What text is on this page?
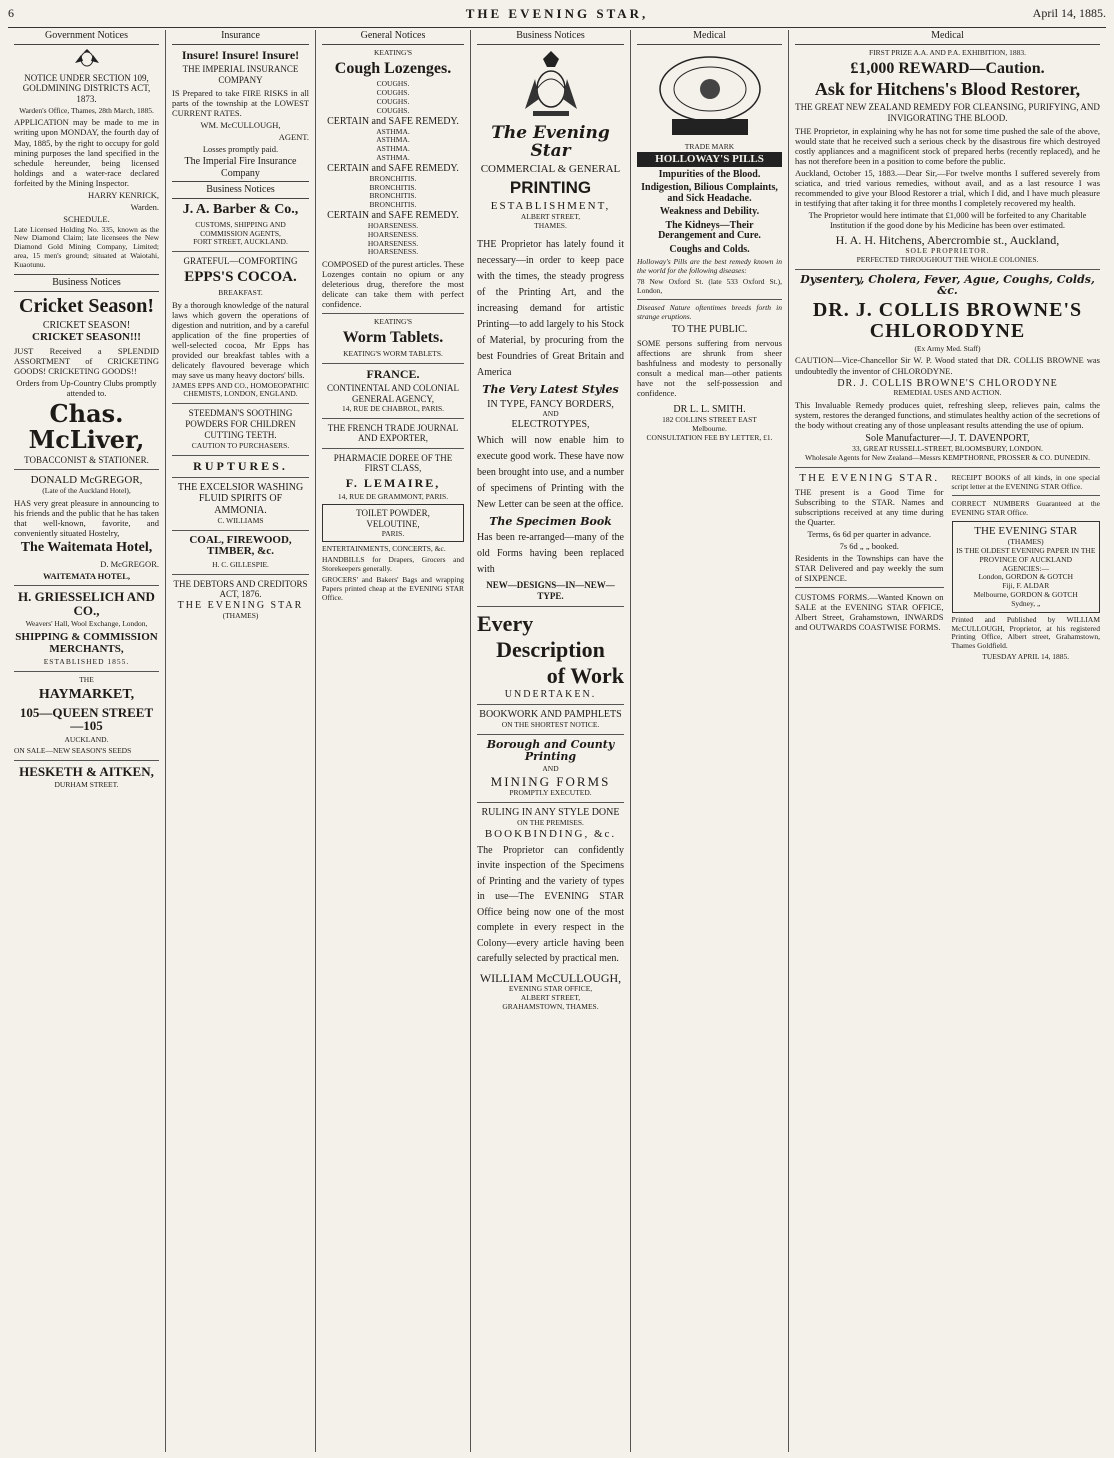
6	THE EVENING STAR,	April 14, 1885.
Government Notices

NOTICE UNDER SECTION 109, GOLDMINING DISTRICTS ACT, 1873.

Warden's Office, Thames, 28th March, 1885.

APPLICATION may be made to me in writing upon MONDAY, the fourth day of May, 1885, by the right to occupy for gold mining purposes the land specified in the schedule hereunder, being licensed holdings and a water-race declared forfeited by the Mining Inspector.

HARRY KENRICK,

Warden.

SCHEDULE.

Late Licensed Holding No. 335, known as the New Diamond Claim; late licensees the New Diamond Gold Mining Company, Limited; area, 15 men's ground; situated at Waiotahi, Kuaotunu.

Business Notices
Cricket Season!
CRICKET SEASON!
CRICKET SEASON!!!

JUST Received a SPLENDID ASSORTMENT of CRICKETING GOODS! CRICKETING GOODS!!

Orders from Up-Country Clubs promptly attended to.

Chas. McLiver,
TOBACCONIST & STATIONER.
DONALD McGREGOR,
(Late of the Auckland Hotel),

HAS very great pleasure in announcing to his friends and the public that he has taken that well-known, favorite, and conveniently situated Hostelry,

The Waitemata Hotel,

D. McGREGOR.

WAITEMATA HOTEL,

H. GRIESSELICH AND CO.,
Weavers' Hall, Wool Exchange, London,
SHIPPING & COMMISSION MERCHANTS,
ESTABLISHED 1855.
THE
HAYMARKET,
105—QUEEN STREET—105
AUCKLAND.

ON SALE—NEW SEASON'S SEEDS

HESKETH & AITKEN,
DURHAM STREET.
Insurance
Insure! Insure! Insure!
THE IMPERIAL INSURANCE COMPANY

IS Prepared to take FIRE RISKS in all parts of the township at the LOWEST CURRENT RATES.

WM. McCULLOUGH,

AGENT.

Losses promptly paid.

The Imperial Fire Insurance Company

Business Notices
J. A. Barber & Co.,
CUSTOMS, SHIPPING AND COMMISSION AGENTS,
FORT STREET, AUCKLAND.
GRATEFUL—COMFORTING
EPPS'S COCOA.
BREAKFAST.

By a thorough knowledge of the natural laws which govern the operations of digestion and nutrition, and by a careful application of the fine properties of well-selected cocoa, Mr Epps has provided our breakfast tables with a delicately flavoured beverage which may save us many heavy doctors' bills.

JAMES EPPS AND CO., HOMOEOPATHIC CHEMISTS, LONDON, ENGLAND.

STEEDMAN'S SOOTHING POWDERS FOR CHILDREN CUTTING TEETH.

CAUTION TO PURCHASERS.

RUPTURES.
THE EXCELSIOR WASHING FLUID SPIRITS OF AMMONIA.
C. WILLIAMS
COAL, FIREWOOD, TIMBER, &c.

H. C. GILLESPIE.

THE DEBTORS AND CREDITORS ACT, 1876.
THE EVENING STAR
(THAMES)
General Notices
KEATING'S
Cough Lozenges.
COUGHS.
COUGHS.
COUGHS.
COUGHS.
CERTAIN and SAFE REMEDY.
ASTHMA.
ASTHMA.
ASTHMA.
ASTHMA.
CERTAIN and SAFE REMEDY.
BRONCHITIS.
BRONCHITIS.
BRONCHITIS.
BRONCHITIS.
CERTAIN and SAFE REMEDY.
HOARSENESS.
HOARSENESS.
HOARSENESS.
HOARSENESS.

COMPOSED of the purest articles. These Lozenges contain no opium or any deleterious drug, therefore the most delicate can take them with perfect confidence.

KEATING'S
Worm Tablets.
KEATING'S WORM TABLETS.
FRANCE.
CONTINENTAL AND COLONIAL GENERAL AGENCY,
14, RUE DE CHABROL, PARIS.
THE FRENCH TRADE JOURNAL AND EXPORTER,
PHARMACIE DOREE OF THE FIRST CLASS,
F. LEMAIRE,
14, RUE DE GRAMMONT, PARIS.
TOILET POWDER,
VELOUTINE,
PARIS.

ENTERTAINMENTS, CONCERTS, &c.

HANDBILLS for Drapers, Grocers and Storekeepers generally.

GROCERS' and Bakers' Bags and wrapping Papers printed cheap at the EVENING STAR Office.

Business Notices
The Evening Star
COMMERCIAL & GENERAL
PRINTING
ESTABLISHMENT,
ALBERT STREET,
THAMES.

THE Proprietor has lately found it necessary—in order to keep pace with the times, the steady progress of the Printing Art, and the increasing demand for artistic Printing—to add largely to his Stock of Material, by procuring from the best Foundries of Great Britain and America

The Very Latest Styles
IN TYPE, FANCY BORDERS,
AND
ELECTROTYPES,

Which will now enable him to execute good work. These have now been brought into use, and a number of specimens of Printing with the New Letter can be seen at the office.

The Specimen Book

Has been re-arranged—many of the old Forms having been replaced with

NEW—DESIGNS—IN—NEW—TYPE.
Every
Description
of Work
UNDERTAKEN.
BOOKWORK AND PAMPHLETS
ON THE SHORTEST NOTICE.
Borough and County Printing
AND
MINING FORMS
PROMPTLY EXECUTED.
RULING IN ANY STYLE DONE
ON THE PREMISES.
BOOKBINDING, &c.

The Proprietor can confidently invite inspection of the Specimens of Printing and the variety of types in use—The EVENING STAR Office being now one of the most complete in every respect in the Colony—every article having been carefully selected by practical men.

WILLIAM McCULLOUGH,
EVENING STAR OFFICE,
ALBERT STREET,
GRAHAMSTOWN, THAMES.
Medical
TRADE MARK
HOLLOWAY'S PILLS
Impurities of the Blood.
Indigestion, Bilious Complaints, and Sick Headache.
Weakness and Debility.
The Kidneys—Their Derangement and Cure.
Coughs and Colds.

Holloway's Pills are the best remedy known in the world for the following diseases:

78 New Oxford St. (late 533 Oxford St.), London,

Diseased Nature oftentimes breeds forth in strange eruptions.

TO THE PUBLIC.

SOME persons suffering from nervous affections are shrunk from sheer bashfulness and modesty to personally consult a medical man—other patients have not the self-possession and confidence.

DR L. L. SMITH.
182 COLLINS STREET EAST
Melbourne.
CONSULTATION FEE BY LETTER, £1.
Medical
FIRST PRIZE A.A. AND P.A. EXHIBITION, 1883.
£1,000 REWARD—Caution.
Ask for Hitchens's Blood Restorer,
THE GREAT NEW ZEALAND REMEDY FOR CLEANSING, PURIFYING, AND INVIGORATING THE BLOOD.

THE Proprietor, in explaining why he has not for some time pushed the sale of the above, would state that he received such a serious check by the disastrous fire which destroyed costly appliances and a magnificent stock of prepared herbs (recently replaced), and he has not therefore been in a position to come before the public.

Auckland, October 15, 1883.—Dear Sir,—For twelve months I suffered severely from sciatica, and tried various remedies, without avail, and as a last resource I was recommended to give your Blood Restorer a trial, which I did, and I have much pleasure in testifying that after taking it for three months I completely recovered my health.

The Proprietor would here intimate that £1,000 will be forfeited to any Charitable Institution if the good done by his Medicine has been over estimated.

H. A. H. Hitchens, Abercrombie st., Auckland,
SOLE PROPRIETOR.
PERFECTED THROUGHOUT THE WHOLE COLONIES.
Dysentery, Cholera, Fever, Ague, Coughs, Colds, &c.
DR. J. COLLIS BROWNE'S CHLORODYNE
(Ex Army Med. Staff)

CAUTION—Vice-Chancellor Sir W. P. Wood stated that DR. COLLIS BROWNE was undoubtedly the inventor of CHLORODYNE.

DR. J. COLLIS BROWNE'S CHLORODYNE
REMEDIAL USES AND ACTION.

This Invaluable Remedy produces quiet, refreshing sleep, relieves pain, calms the system, restores the deranged functions, and stimulates healthy action of the secretions of the body without creating any of those unpleasant results attending the use of opium.

Sole Manufacturer—J. T. DAVENPORT,
33, GREAT RUSSELL-STREET, BLOOMSBURY, LONDON.
Wholesale Agents for New Zealand—Messrs KEMPTHORNE, PROSSER & CO. DUNEDIN.
THE EVENING STAR.

THE present is a Good Time for Subscribing to the STAR. Names and subscriptions received at any time during the Quarter.

Terms, 6s 6d per quarter in advance.

7s 6d „ „ booked.

Residents in the Townships can have the STAR Delivered and pay weekly the sum of SIXPENCE.

CUSTOMS FORMS.—Wanted Known on SALE at the EVENING STAR OFFICE, Albert Street, Grahamstown, INWARDS and OUTWARDS COASTWISE FORMS.

RECEIPT BOOKS of all kinds, in one special script letter at the EVENING STAR Office.

CORRECT NUMBERS Guaranteed at the EVENING STAR Office.

THE EVENING STAR
(THAMES)
IS THE OLDEST EVENING PAPER IN THE PROVINCE OF AUCKLAND
AGENCIES:—
London, GORDON & GOTCH
Fiji, F. ALDAR
Melbourne, GORDON & GOTCH
Sydney, „

Printed and Published by WILLIAM McCULLOUGH, Proprietor, at his registered Printing Office, Albert street, Grahamstown, Thames Goldfield.

TUESDAY APRIL 14, 1885.
